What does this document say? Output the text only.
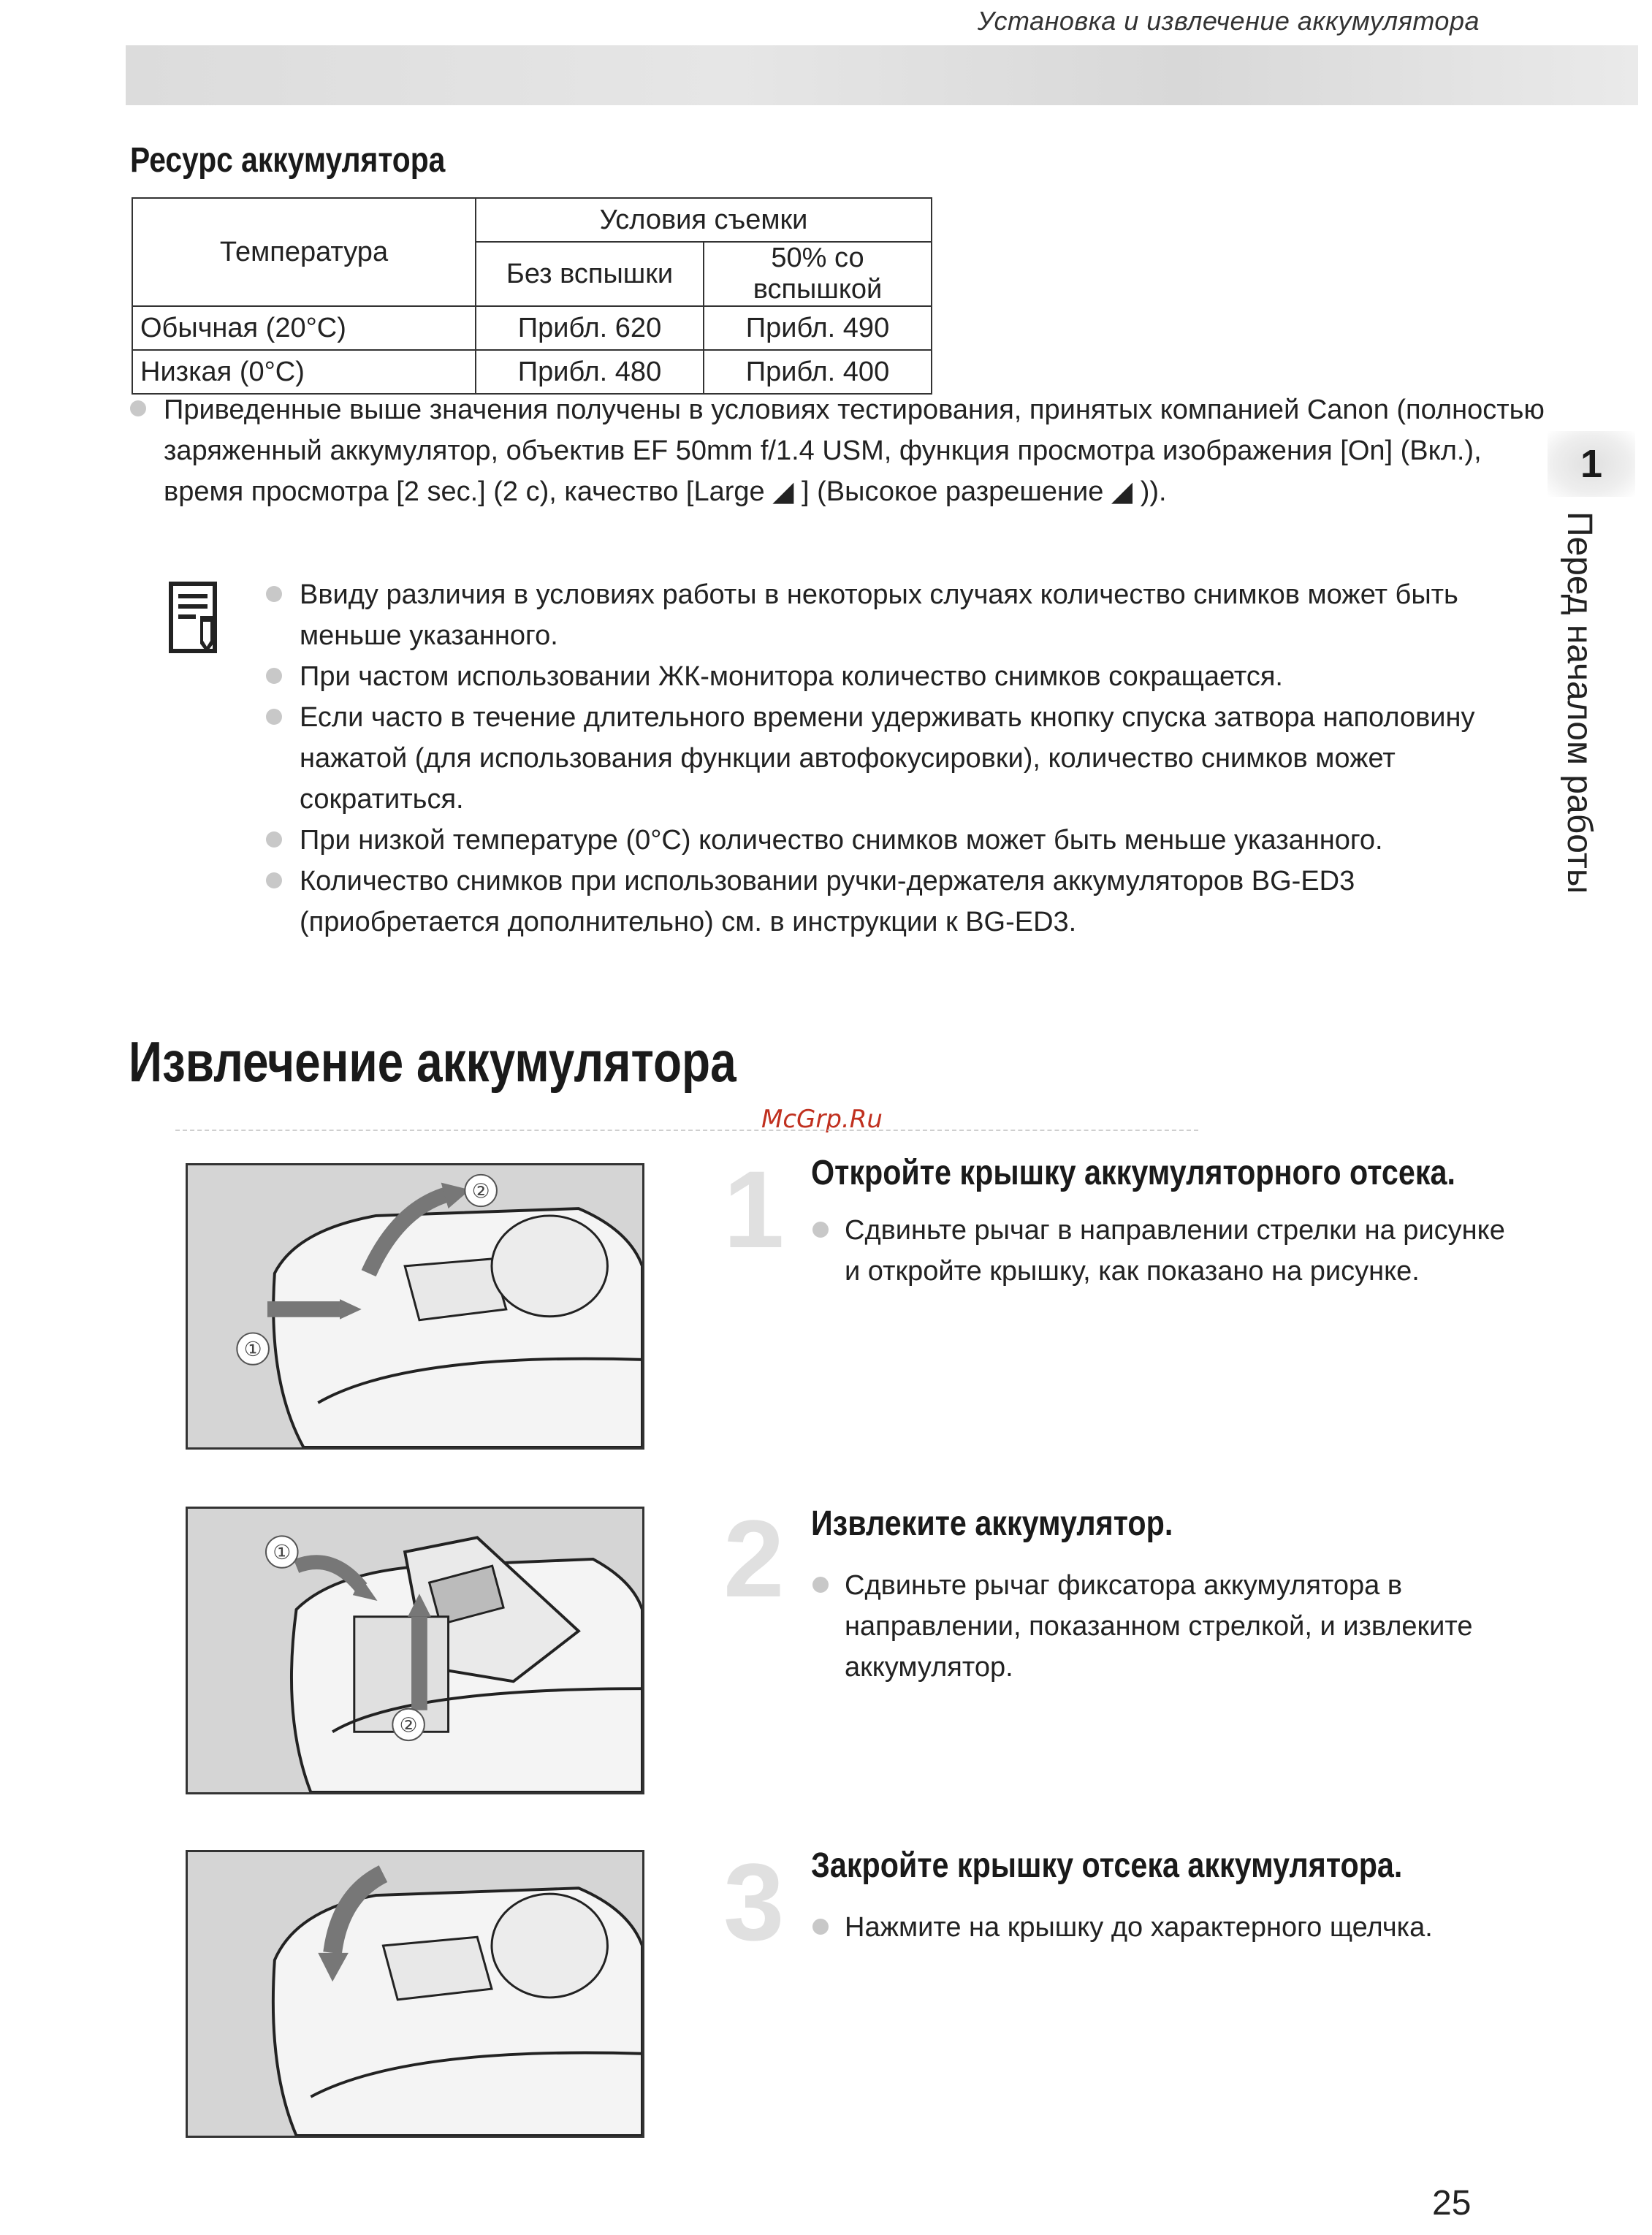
Установка и извлечение аккумулятора
Ресурс аккумулятора
Температура	Условия съемки	
	Без вспышки	50% со вспышкой
Обычная (20°C)	Прибл. 620	Прибл. 490
Низкая (0°C)	Прибл. 480	Прибл. 400
Приведенные выше значения получены в условиях тестирования, принятых компанией Canon (полностью
заряженный аккумулятор, объектив EF 50mm f/1.4 USM, функция просмотра изображения [On] (Вкл.),
время просмотра [2 sec.] (2 с), качество [Large ◢ ] (Высокое разрешение ◢ )).
Ввиду различия в условиях работы в некоторых случаях количество снимков может быть
меньше указанного.
При частом использовании ЖК-монитора количество снимков сокращается.
Если часто в течение длительного времени удерживать кнопку спуска затвора наполовину
нажатой (для использования функции автофокусировки), количество снимков может
сократиться.
При низкой температуре (0°C) количество снимков может быть меньше указанного.
Количество снимков при использовании ручки-держателя аккумуляторов BG-ED3
(приобретается дополнительно) см. в инструкции к BG-ED3.
1
Перед началом работы
Извлечение аккумулятора
McGrp.Ru
①
② 1 Откройте крышку аккумуляторного отсека.
Сдвиньте рычаг в направлении стрелки на рисунке
и откройте крышку, как показано на рисунке.
①
②
2 Извлеките аккумулятор.
Сдвиньте рычаг фиксатора аккумулятора в
направлении, показанном стрелкой, и извлеките
аккумулятор.
3 Закройте крышку отсека аккумулятора.
Нажмите на крышку до характерного щелчка.
25
